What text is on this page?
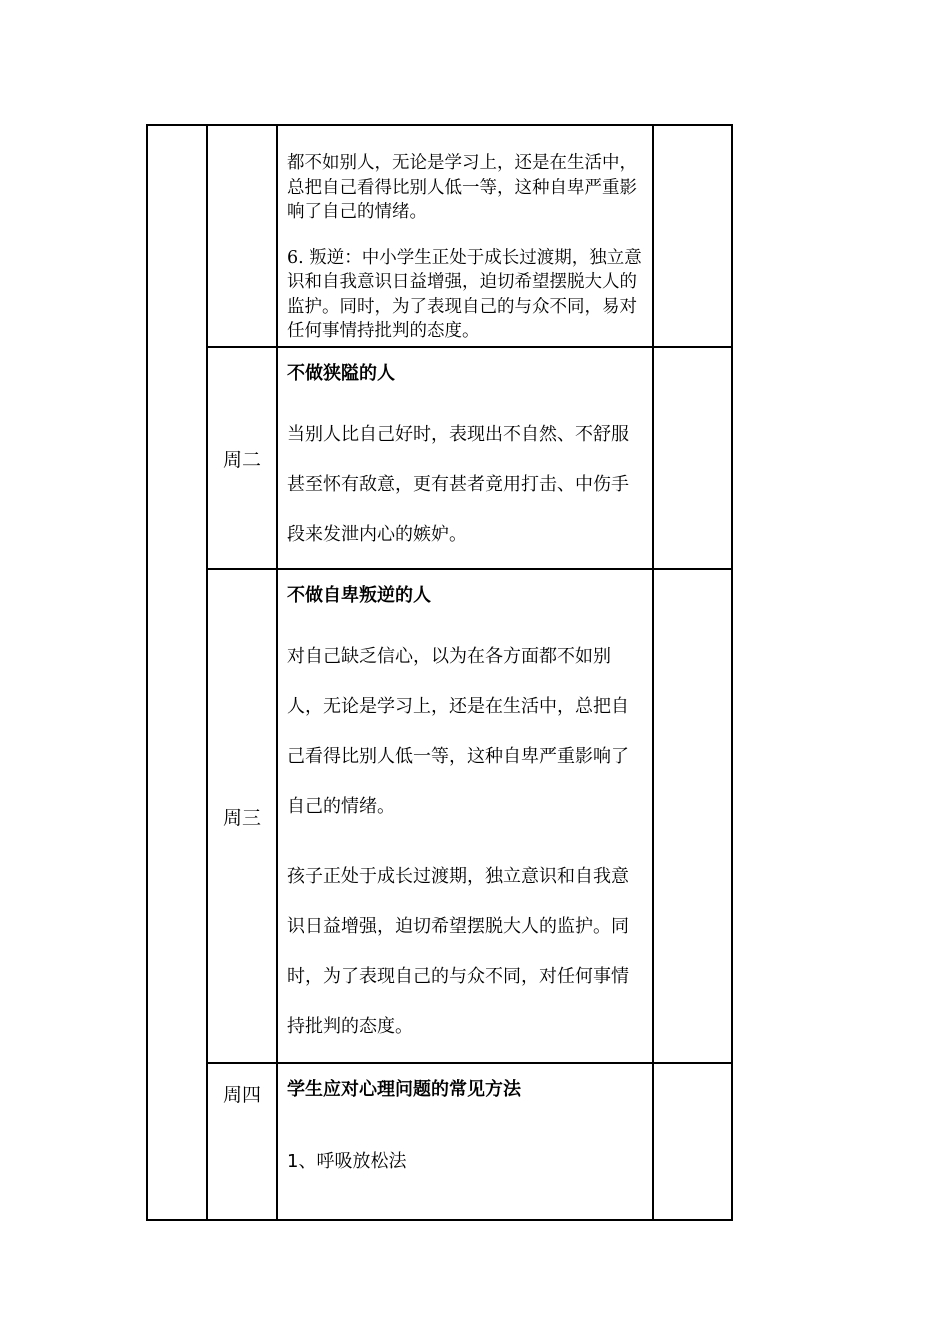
		都不如别人，无论是学习上，还是在生活中，总把自己看得比别人低一等，这种自卑严重影响了自己的情绪。

6. 叛逆：中小学生正处于成长过渡期，独立意识和自我意识日益增强，迫切希望摆脱大人的监护。同时，为了表现自己的与众不同，易对任何事情持批判的态度。	

	周二	不做狭隘的人

当别人比自己好时，表现出不自然、不舒服甚至怀有敌意，更有甚者竟用打击、中伤手段来发泄内心的嫉妒。	

	周三	不做自卑叛逆的人

对自己缺乏信心，以为在各方面都不如别人，无论是学习上，还是在生活中，总把自己看得比别人低一等，这种自卑严重影响了自己的情绪。

孩子正处于成长过渡期，独立意识和自我意识日益增强，迫切希望摆脱大人的监护。同时，为了表现自己的与众不同，对任何事情持批判的态度。	

	周四	学生应对心理问题的常见方法

1、呼吸放松法	
